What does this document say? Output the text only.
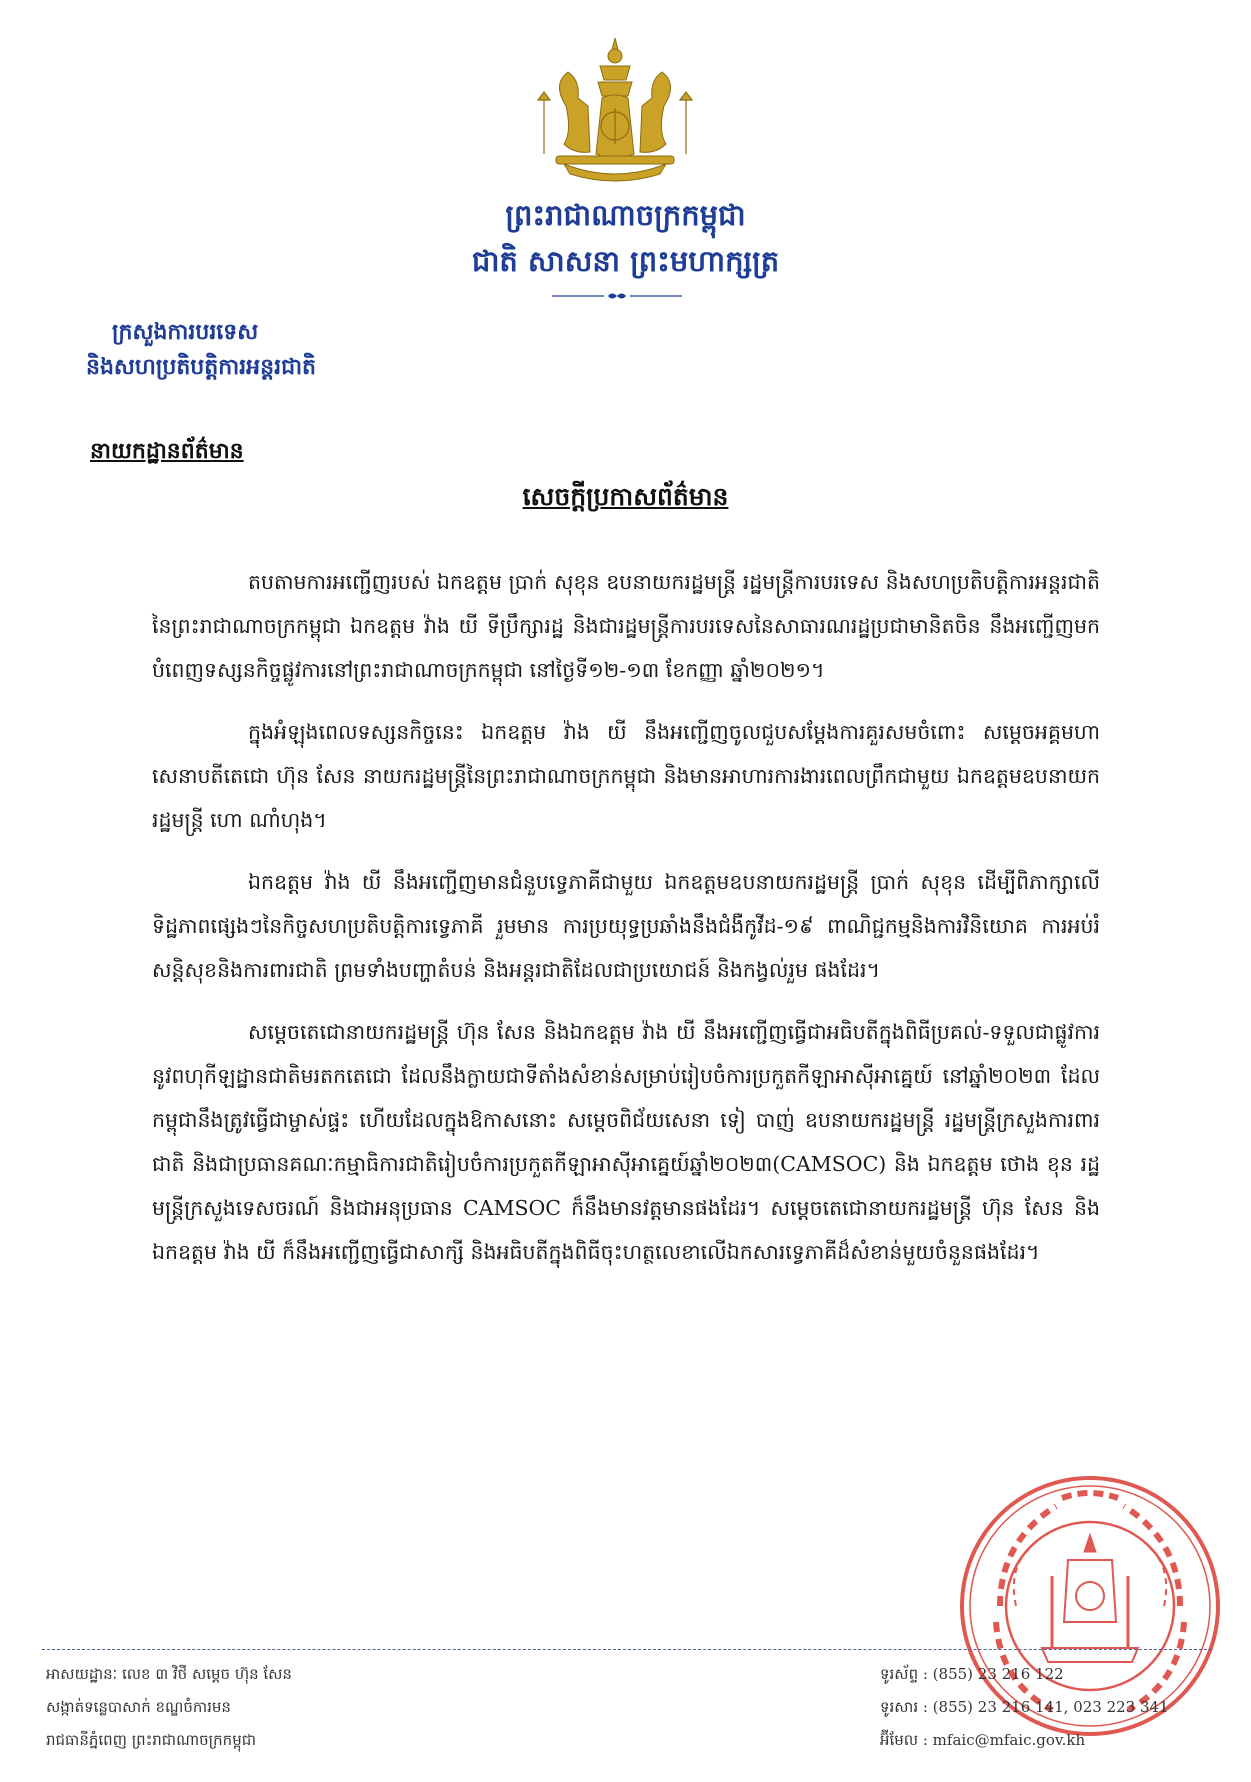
ព្រះរាជាណាចក្រកម្ពុជា
ជាតិ សាសនា ព្រះមហាក្សត្រ
ក្រសួងការបរទេស
និងសហប្រតិបត្តិការអន្តរជាតិ
នាយកដ្ឋានព័ត៌មាន
សេចក្តីប្រកាសព័ត៌មាន

តបតាមការអញ្ជើញរបស់ ឯកឧត្តម ប្រាក់ សុខុន ឧបនាយករដ្ឋមន្ត្រី រដ្ឋមន្ត្រីការបរទេស និងសហប្រតិបត្តិការអន្តរជាតិនៃព្រះរាជាណាចក្រកម្ពុជា ឯកឧត្តម វ៉ាង យី ទីប្រឹក្សារដ្ឋ និងជារដ្ឋមន្ត្រីការបរទេសនៃសាធារណរដ្ឋប្រជាមានិតចិន នឹងអញ្ជើញមកបំពេញទស្សនកិច្ចផ្លូវការនៅព្រះរាជាណាចក្រកម្ពុជា នៅថ្ងៃទី១២-១៣ ខែកញ្ញា ឆ្នាំ២០២១។

ក្នុងអំឡុងពេលទស្សនកិច្ចនេះ ឯកឧត្តម វ៉ាង យី នឹងអញ្ជើញចូលជួបសម្តែងការគួរសមចំពោះ សម្តេចអគ្គមហាសេនាបតីតេជោ ហ៊ុន សែន នាយករដ្ឋមន្ត្រីនៃព្រះរាជាណាចក្រកម្ពុជា និងមានអាហារការងារពេលព្រឹកជាមួយ ឯកឧត្តមឧបនាយករដ្ឋមន្ត្រី ហោ ណាំហុង។

ឯកឧត្តម វ៉ាង យី នឹងអញ្ជើញមានជំនួបទ្វេភាគីជាមួយ ឯកឧត្តមឧបនាយករដ្ឋមន្ត្រី ប្រាក់ សុខុន ដើម្បីពិភាក្សាលើទិដ្ឋភាពផ្សេងៗនៃកិច្ចសហប្រតិបត្តិការទ្វេភាគី រួមមាន ការប្រយុទ្ធប្រឆាំងនឹងជំងឺកូវីដ-១៩ ពាណិជ្ជកម្មនិងការវិនិយោគ ការអប់រំ សន្តិសុខនិងការពារជាតិ ព្រមទាំងបញ្ហាតំបន់ និងអន្តរជាតិដែលជាប្រយោជន៍ និងកង្វល់រួម ផងដែរ។

សម្តេចតេជោនាយករដ្ឋមន្ត្រី ហ៊ុន សែន និងឯកឧត្តម វ៉ាង យី នឹងអញ្ជើញធ្វើជាអធិបតីក្នុងពិធីប្រគល់-ទទួលជាផ្លូវការនូវពហុកីឡដ្ឋានជាតិមរតកតេជោ ដែលនឹងក្លាយជាទីតាំងសំខាន់សម្រាប់រៀបចំការប្រកួតកីឡាអាស៊ីអាគ្នេយ៍ នៅឆ្នាំ២០២៣ ដែលកម្ពុជានឹងត្រូវធ្វើជាម្ចាស់ផ្ទះ ហើយដែលក្នុងឱកាសនោះ សម្តេចពិជ័យសេនា ទៀ បាញ់ ឧបនាយករដ្ឋមន្ត្រី រដ្ឋមន្ត្រីក្រសួងការពារជាតិ និងជាប្រធានគណៈកម្មាធិការជាតិរៀបចំការប្រកួតកីឡាអាស៊ីអាគ្នេយ៍ឆ្នាំ២០២៣(CAMSOC) និង ឯកឧត្តម ថោង ខុន រដ្ឋមន្ត្រីក្រសួងទេសចរណ៍ និងជាអនុប្រធាន CAMSOC ក៏នឹងមានវត្តមានផងដែរ។ សម្តេចតេជោនាយករដ្ឋមន្ត្រី ហ៊ុន សែន និងឯកឧត្តម វ៉ាង យី ក៏នឹងអញ្ជើញធ្វើជាសាក្សី និងអធិបតីក្នុងពិធីចុះហត្ថលេខាលើឯកសារទ្វេភាគីដ៏សំខាន់មួយចំនួនផងដែរ។

អាសយដ្ឋានៈ លេខ ៣ វិថី សម្តេច ហ៊ុន សែន
សង្កាត់ទន្លេបាសាក់ ខណ្ឌចំការមន
រាជធានីភ្នំពេញ ព្រះរាជាណាចក្រកម្ពុជា
ទូរស័ព្ទ : (855) 23 216 122
ទូរសារ : (855) 23 216 141, 023 223 341
អ៊ីមែល : mfaic@mfaic.gov.kh
